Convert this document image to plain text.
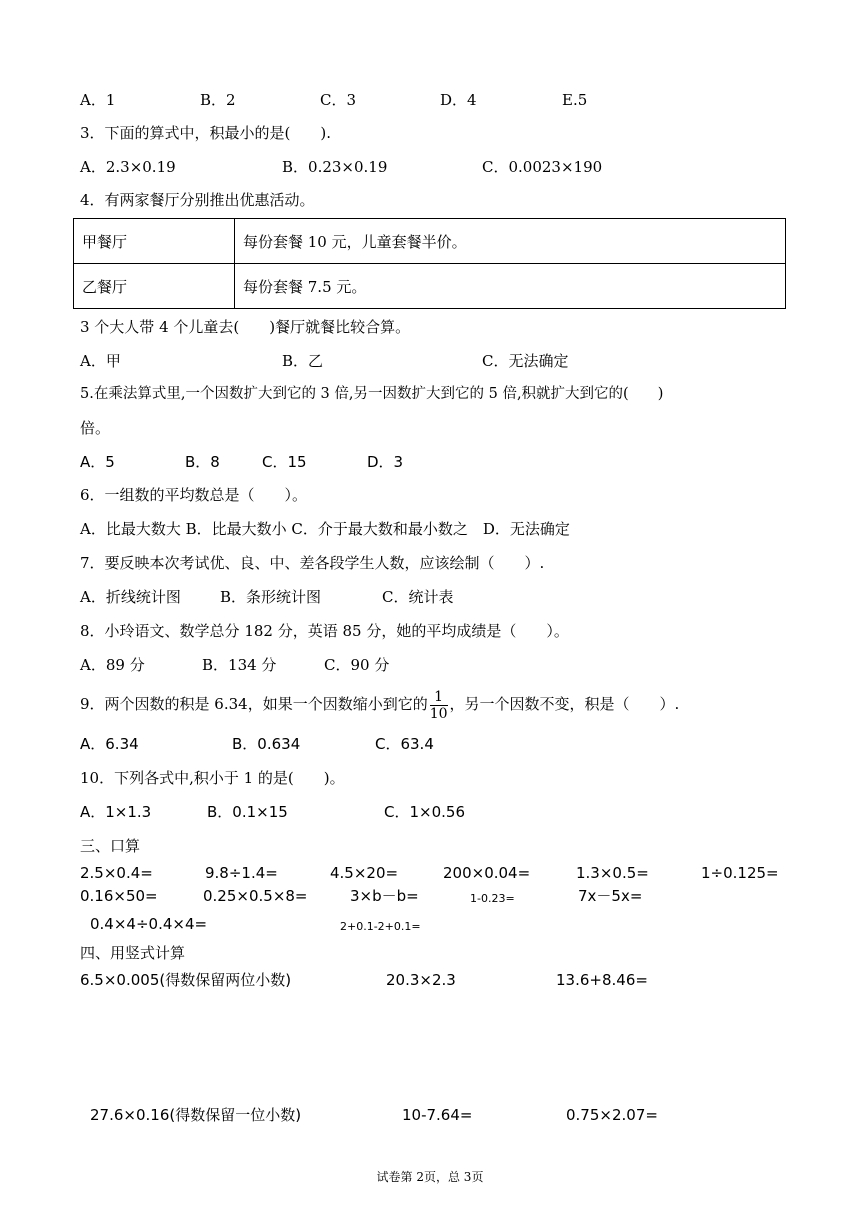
A．1	B．2	C．3	D．4	E.5
3．下面的算式中，积最小的是(　　).
A．2.3×0.19	B．0.23×0.19	C．0.0023×190
4．有两家餐厅分别推出优惠活动。
甲餐厅	每份套餐 10 元，儿童套餐半价。
乙餐厅	每份套餐 7.5 元。
3 个大人带 4 个儿童去(　　)餐厅就餐比较合算。
A．甲	B．乙	C．无法确定
5.在乘法算式里,一个因数扩大到它的 3 倍,另一因数扩大到它的 5 倍,积就扩大到它的(　　)
倍。
A．5	B．8	C．15	D．3
6．一组数的平均数总是（　　）。
A．比最大数大 B．比最大数小 C．介于最大数和最小数之　D．无法确定
7．要反映本次考试优、良、中、差各段学生人数，应该绘制（　　）.
A．折线统计图	B．条形统计图	C．统计表
8．小玲语文、数学总分 182 分，英语 85 分，她的平均成绩是（　　）。
A．89 分	B．134 分	C．90 分
9．两个因数的积是 6.34，如果一个因数缩小到它的 $\frac{1}{10}$ ，另一个因数不变，积是（　　）.
A．6.34	B．0.634	C．63.4
10．下列各式中,积小于 1 的是(　　)。
A．1×1.3	B．0.1×15	C．1×0.56
三、口算
2.5×0.4=	9.8÷1.4=	4.5×20=	200×0.04=	1.3×0.5=	1÷0.125=
0.16×50=	0.25×0.5×8=	3×b－b=	1-0.23=	7x－5x=
0.4×4÷0.4×4=	2+0.1-2+0.1=
四、用竖式计算
6.5×0.005(得数保留两位小数)	20.3×2.3	13.6+8.46=
27.6×0.16(得数保留一位小数)	10-7.64=	0.75×2.07=
试卷第 2页，总 3页
